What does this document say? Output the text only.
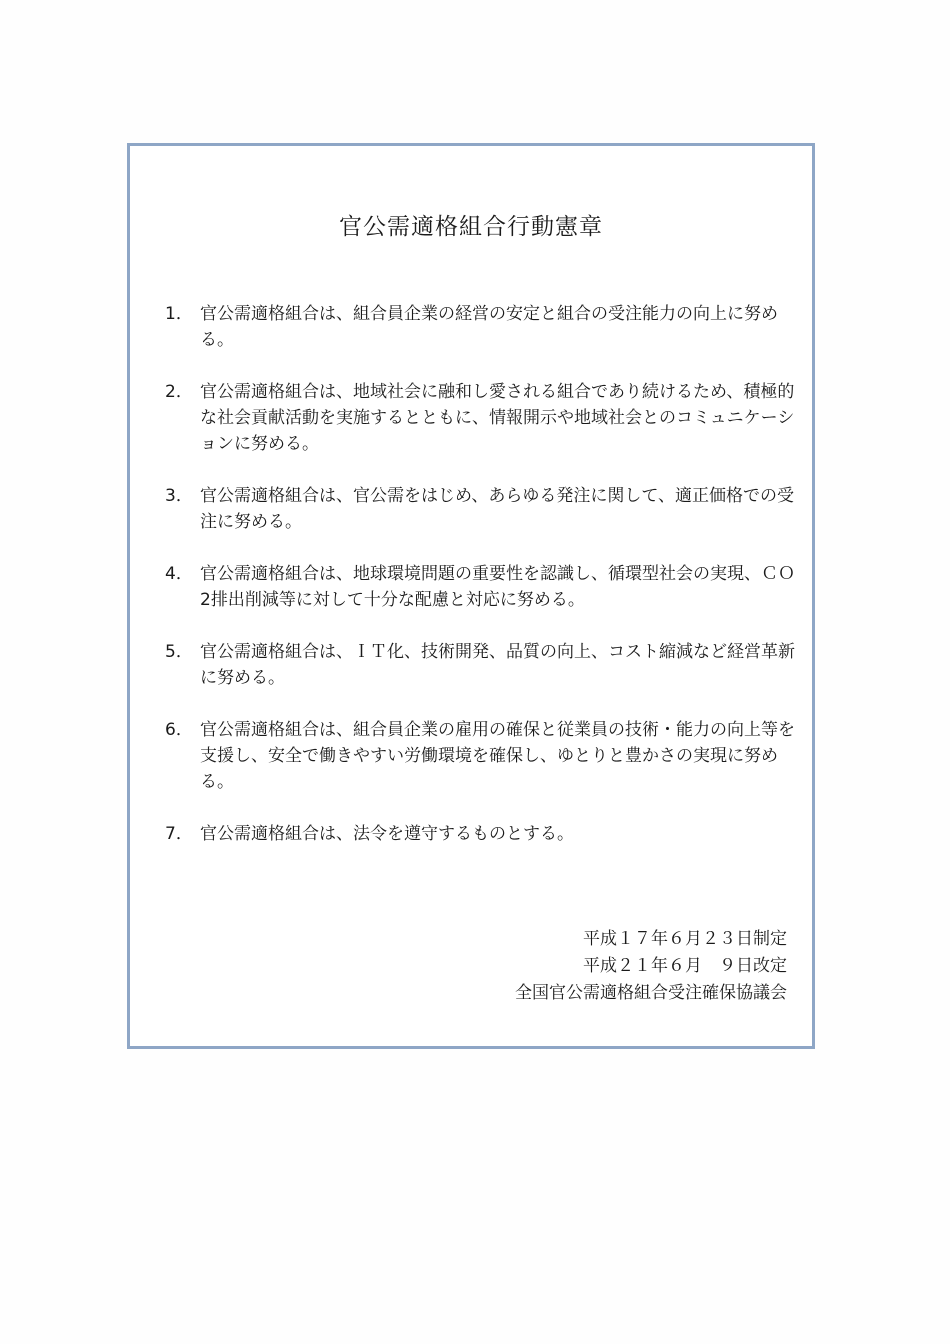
官公需適格組合行動憲章
1． 官公需適格組合は、組合員企業の経営の安定と組合の受注能力の向上に努める。
2． 官公需適格組合は、地域社会に融和し愛される組合であり続けるため、積極的な社会貢献活動を実施するとともに、情報開示や地域社会とのコミュニケーションに努める。
3． 官公需適格組合は、官公需をはじめ、あらゆる発注に関して、適正価格での受注に努める。
4． 官公需適格組合は、地球環境問題の重要性を認識し、循環型社会の実現、ＣＯ2排出削減等に対して十分な配慮と対応に努める。
5． 官公需適格組合は、ＩＴ化、技術開発、品質の向上、コスト縮減など経営革新に努める。
6． 官公需適格組合は、組合員企業の雇用の確保と従業員の技術・能力の向上等を支援し、安全で働きやすい労働環境を確保し、ゆとりと豊かさの実現に努める。
7． 官公需適格組合は、法令を遵守するものとする。
平成１７年６月２３日制定
平成２１年６月　９日改定
全国官公需適格組合受注確保協議会
